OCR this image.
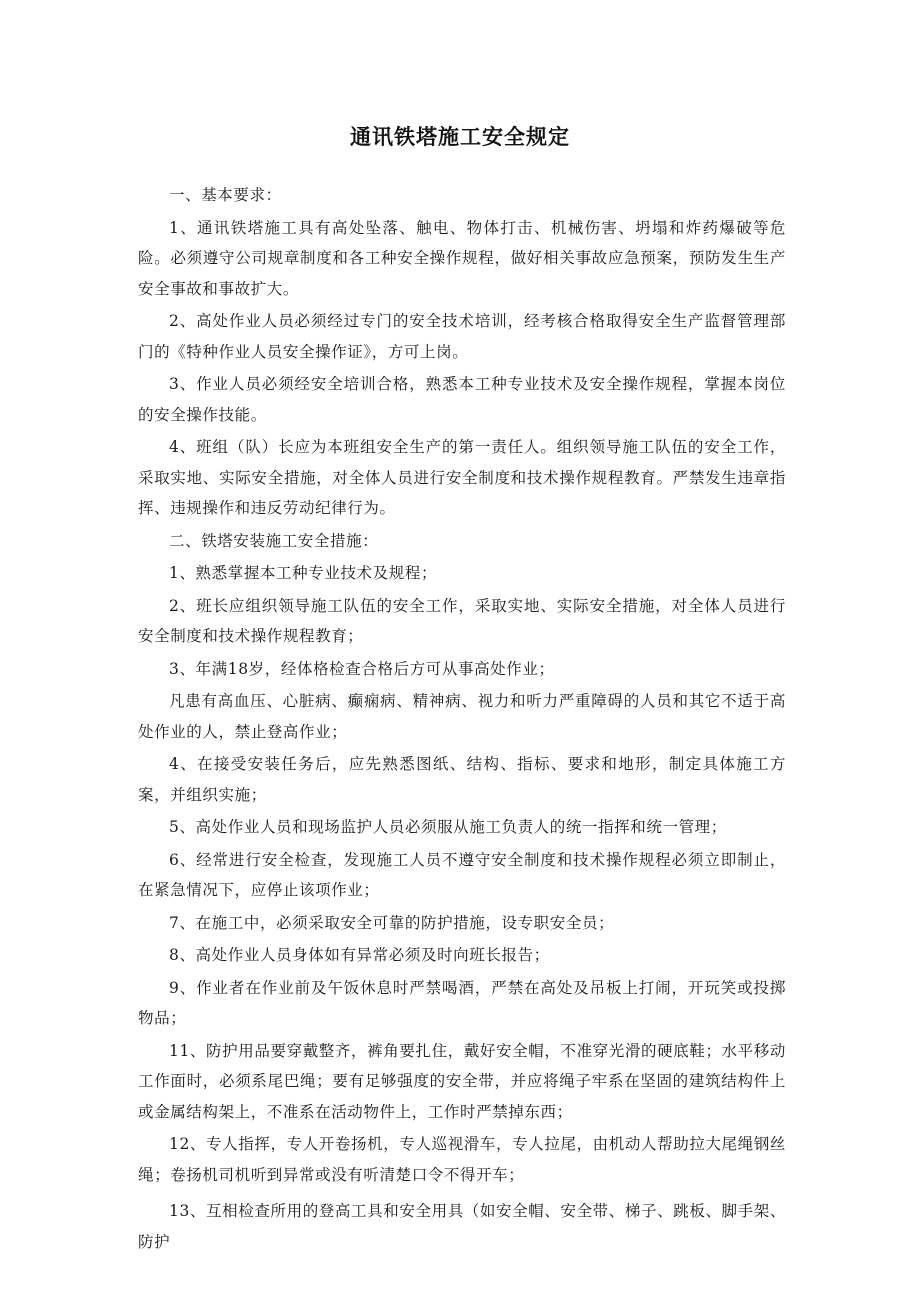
通讯铁塔施工安全规定

一、基本要求：

1、通讯铁塔施工具有高处坠落、触电、物体打击、机械伤害、坍塌和炸药爆破等危险。必须遵守公司规章制度和各工种安全操作规程，做好相关事故应急预案，预防发生生产安全事故和事故扩大。

2、高处作业人员必须经过专门的安全技术培训，经考核合格取得安全生产监督管理部门的《特种作业人员安全操作证》，方可上岗。

3、作业人员必须经安全培训合格，熟悉本工种专业技术及安全操作规程，掌握本岗位的安全操作技能。

4、班组（队）长应为本班组安全生产的第一责任人。组织领导施工队伍的安全工作，采取实地、实际安全措施，对全体人员进行安全制度和技术操作规程教育。严禁发生违章指挥、违规操作和违反劳动纪律行为。

二、铁塔安装施工安全措施：

1、熟悉掌握本工种专业技术及规程；

2、班长应组织领导施工队伍的安全工作，采取实地、实际安全措施，对全体人员进行安全制度和技术操作规程教育；

3、年满18岁，经体格检查合格后方可从事高处作业；

凡患有高血压、心脏病、癫痫病、精神病、视力和听力严重障碍的人员和其它不适于高处作业的人，禁止登高作业；

4、在接受安装任务后，应先熟悉图纸、结构、指标、要求和地形，制定具体施工方案，并组织实施；

5、高处作业人员和现场监护人员必须服从施工负责人的统一指挥和统一管理；

6、经常进行安全检查，发现施工人员不遵守安全制度和技术操作规程必须立即制止，在紧急情况下，应停止该项作业；

7、在施工中，必须采取安全可靠的防护措施，设专职安全员；

8、高处作业人员身体如有异常必须及时向班长报告；

9、作业者在作业前及午饭休息时严禁喝酒，严禁在高处及吊板上打闹，开玩笑或投掷物品；

11、防护用品要穿戴整齐，裤角要扎住，戴好安全帽，不准穿光滑的硬底鞋；水平移动工作面时，必须系尾巴绳；要有足够强度的安全带，并应将绳子牢系在坚固的建筑结构件上或金属结构架上，不准系在活动物件上，工作时严禁掉东西；

12、专人指挥，专人开卷扬机，专人巡视滑车，专人拉尾，由机动人帮助拉大尾绳钢丝绳；卷扬机司机听到异常或没有听清楚口令不得开车；

13、互相检查所用的登高工具和安全用具（如安全帽、安全带、梯子、跳板、脚手架、防护
